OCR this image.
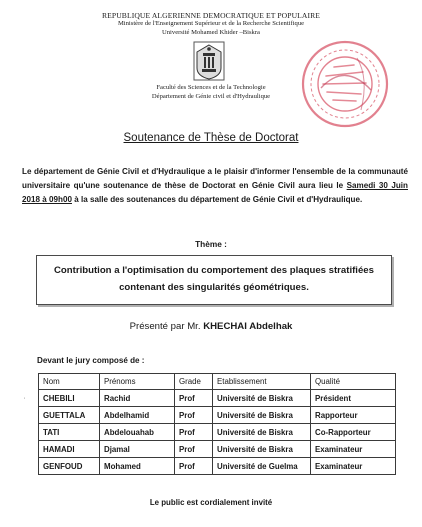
REPUBLIQUE ALGERIENNE DEMOCRATIQUE ET POPULAIRE
Ministère de l'Enseignement Supérieur et de la Recherche Scientifique
Université Mohamed Khider –Biskra
Faculté des Sciences et de la Technologie
Département de Génie civil et d'Hydraulique
Soutenance de Thèse de Doctorat
Le département de Génie Civil et d'Hydraulique a le plaisir d'informer l'ensemble de la communauté universitaire qu'une soutenance de thèse de Doctorat en Génie Civil aura lieu le Samedi 30 Juin 2018 à 09h00 à la salle des soutenances du département de Génie Civil et d'Hydraulique.
Thème :
Contribution a l'optimisation du comportement des plaques stratifiées contenant des singularités géométriques.
Présenté par Mr. KHECHAI Abdelhak
Devant le jury composé de :
'
Nom	Prénoms	Grade	Etablissement	Qualité
CHEBILI	Rachid	Prof	Université de Biskra	Président
GUETTALA	Abdelhamid	Prof	Université de Biskra	Rapporteur
TATI	Abdelouahab	Prof	Université de Biskra	Co-Rapporteur
HAMADI	Djamal	Prof	Université de Biskra	Examinateur
GENFOUD	Mohamed	Prof	Université de Guelma	Examinateur
Le public est cordialement invité
